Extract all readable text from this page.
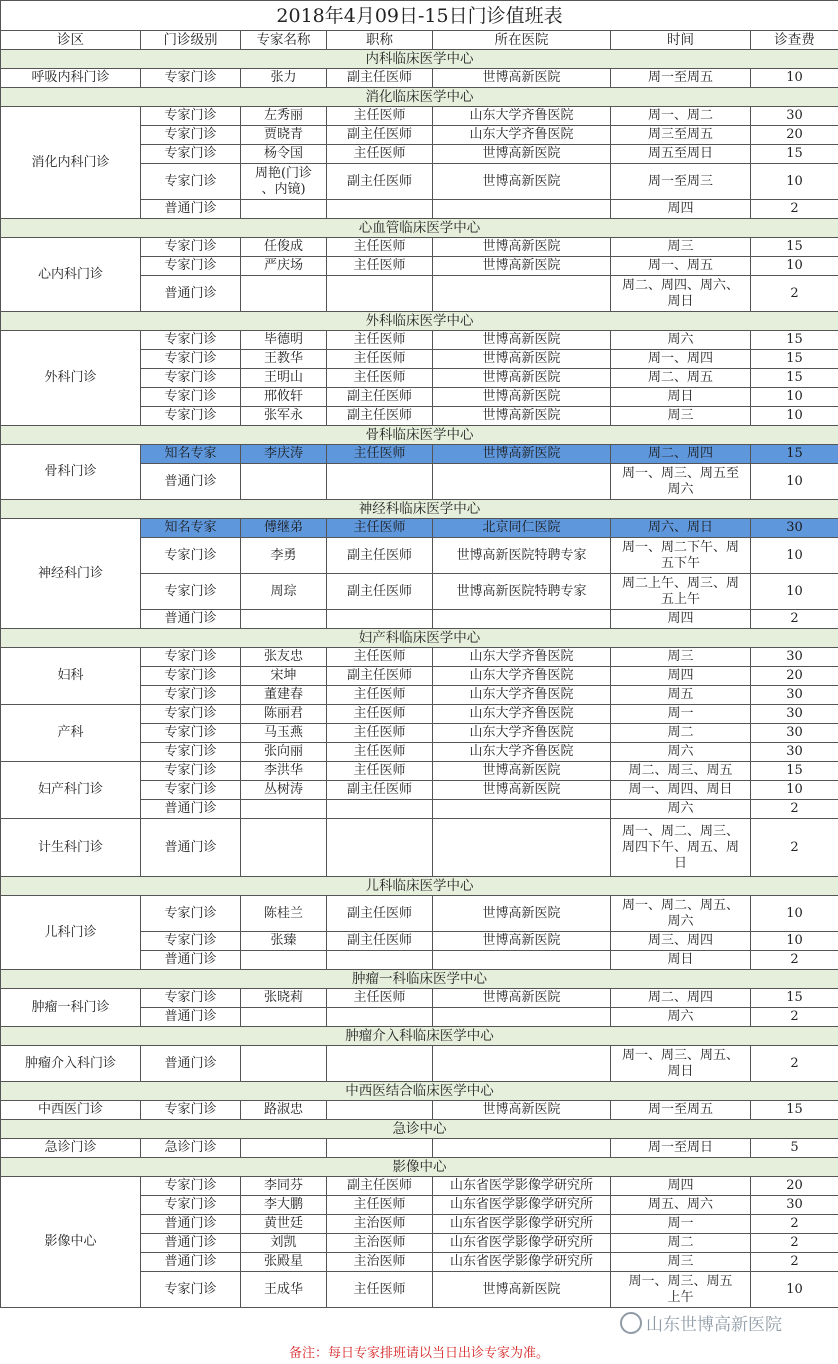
2018年4月09日-15日门诊值班表						
诊区	门诊级别	专家名称	职称	所在医院	时间	诊查费
内科临床医学中心						
呼吸内科门诊	专家门诊	张力	副主任医师	世博高新医院	周一至周五	10
消化临床医学中心						
消化内科门诊	专家门诊	左秀丽	主任医师	山东大学齐鲁医院	周一、周二	30
	专家门诊	贾晓青	副主任医师	山东大学齐鲁医院	周三至周五	20
	专家门诊	杨令国	主任医师	世博高新医院	周五至周日	15
	专家门诊	周艳(门诊
、内镜)	副主任医师	世博高新医院	周一至周三	10
	普通门诊				周四	2
心血管临床医学中心						
心内科门诊	专家门诊	任俊成	主任医师	世博高新医院	周三	15
	专家门诊	严庆场	主任医师	世博高新医院	周一、周五	10
	普通门诊				周二、周四、周六、
周日	2
外科临床医学中心						
外科门诊	专家门诊	毕德明	主任医师	世博高新医院	周六	15
	专家门诊	王教华	主任医师	世博高新医院	周一、周四	15
	专家门诊	王明山	主任医师	世博高新医院	周二、周五	15
	专家门诊	邢攸轩	副主任医师	世博高新医院	周日	10
	专家门诊	张军永	副主任医师	世博高新医院	周三	10
骨科临床医学中心						
骨科门诊	知名专家	李庆涛	主任医师	世博高新医院	周二、周四	15
	普通门诊				周一、周三、周五至
周六	10
神经科临床医学中心						
神经科门诊	知名专家	傅继弟	主任医师	北京同仁医院	周六、周日	30
	专家门诊	李勇	副主任医师	世博高新医院特聘专家	周一、周二下午、周
五下午	10
	专家门诊	周琮	副主任医师	世博高新医院特聘专家	周二上午、周三、周
五上午	10
	普通门诊				周四	2
妇产科临床医学中心						
妇科	专家门诊	张友忠	主任医师	山东大学齐鲁医院	周三	30
	专家门诊	宋坤	副主任医师	山东大学齐鲁医院	周四	20
	专家门诊	董建春	主任医师	山东大学齐鲁医院	周五	30
产科	专家门诊	陈丽君	主任医师	山东大学齐鲁医院	周一	30
	专家门诊	马玉燕	主任医师	山东大学齐鲁医院	周二	30
	专家门诊	张向丽	主任医师	山东大学齐鲁医院	周六	30
妇产科门诊	专家门诊	李洪华	主任医师	世博高新医院	周二、周三、周五	15
	专家门诊	丛树涛	副主任医师	世博高新医院	周一、周四、周日	10
	普通门诊				周六	2
计生科门诊	普通门诊				周一、周二、周三、
周四下午、周五、周
日	2
儿科临床医学中心						
儿科门诊	专家门诊	陈桂兰	副主任医师	世博高新医院	周一、周二、周五、
周六	10
	专家门诊	张臻	副主任医师	世博高新医院	周三、周四	10
	普通门诊				周日	2
肿瘤一科临床医学中心						
肿瘤一科门诊	专家门诊	张晓莉	主任医师	世博高新医院	周二、周四	15
	普通门诊				周六	2
肿瘤介入科临床医学中心						
肿瘤介入科门诊	普通门诊				周一、周三、周五、
周日	2
中西医结合临床医学中心						
中西医门诊	专家门诊	路淑忠		世博高新医院	周一至周五	15
急诊中心						
急诊门诊	急诊门诊				周一至周日	5
影像中心						
影像中心	专家门诊	李同芬	副主任医师	山东省医学影像学研究所	周四	20
	专家门诊	李大鹏	主任医师	山东省医学影像学研究所	周五、周六	30
	普通门诊	黄世廷	主治医师	山东省医学影像学研究所	周一	2
	普通门诊	刘凯	主治医师	山东省医学影像学研究所	周二	2
	普通门诊	张殿星	主治医师	山东省医学影像学研究所	周三	2
	专家门诊	王成华	主任医师	世博高新医院	周一、周三、周五
上午	10
备注：每日专家排班请以当日出诊专家为准。
山东世博高新医院
